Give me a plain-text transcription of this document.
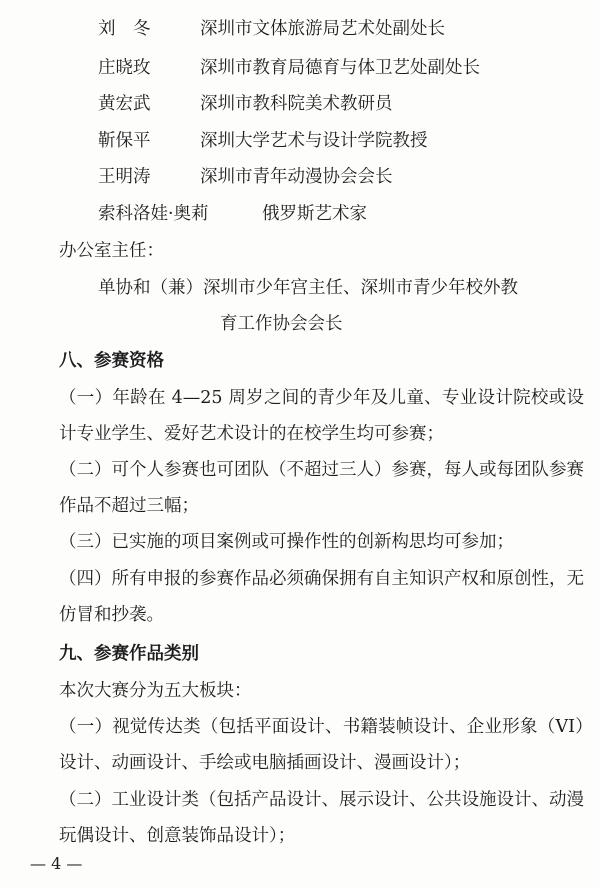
刘　冬	深圳市文体旅游局艺术处副处长
庄晓玫	深圳市教育局德育与体卫艺处副处长
黄宏武	深圳市教科院美术教研员
靳保平	深圳大学艺术与设计学院教授
王明涛	深圳市青年动漫协会会长
索科洛娃·奥莉	俄罗斯艺术家
办公室主任：
单协和（兼）深圳市少年宫主任、深圳市青少年校外教
育工作协会会长
八、参赛资格
（一）年龄在 4—25 周岁之间的青少年及儿童、专业设计院校或设计专业学生、爱好艺术设计的在校学生均可参赛；
（二）可个人参赛也可团队（不超过三人）参赛，每人或每团队参赛作品不超过三幅；
（三）已实施的项目案例或可操作性的创新构思均可参加；
（四）所有申报的参赛作品必须确保拥有自主知识产权和原创性，无仿冒和抄袭。
九、参赛作品类别
本次大赛分为五大板块：
（一）视觉传达类（包括平面设计、书籍装帧设计、企业形象（VI）设计、动画设计、手绘或电脑插画设计、漫画设计）；
（二）工业设计类（包括产品设计、展示设计、公共设施设计、动漫玩偶设计、创意装饰品设计）；
— 4 —
